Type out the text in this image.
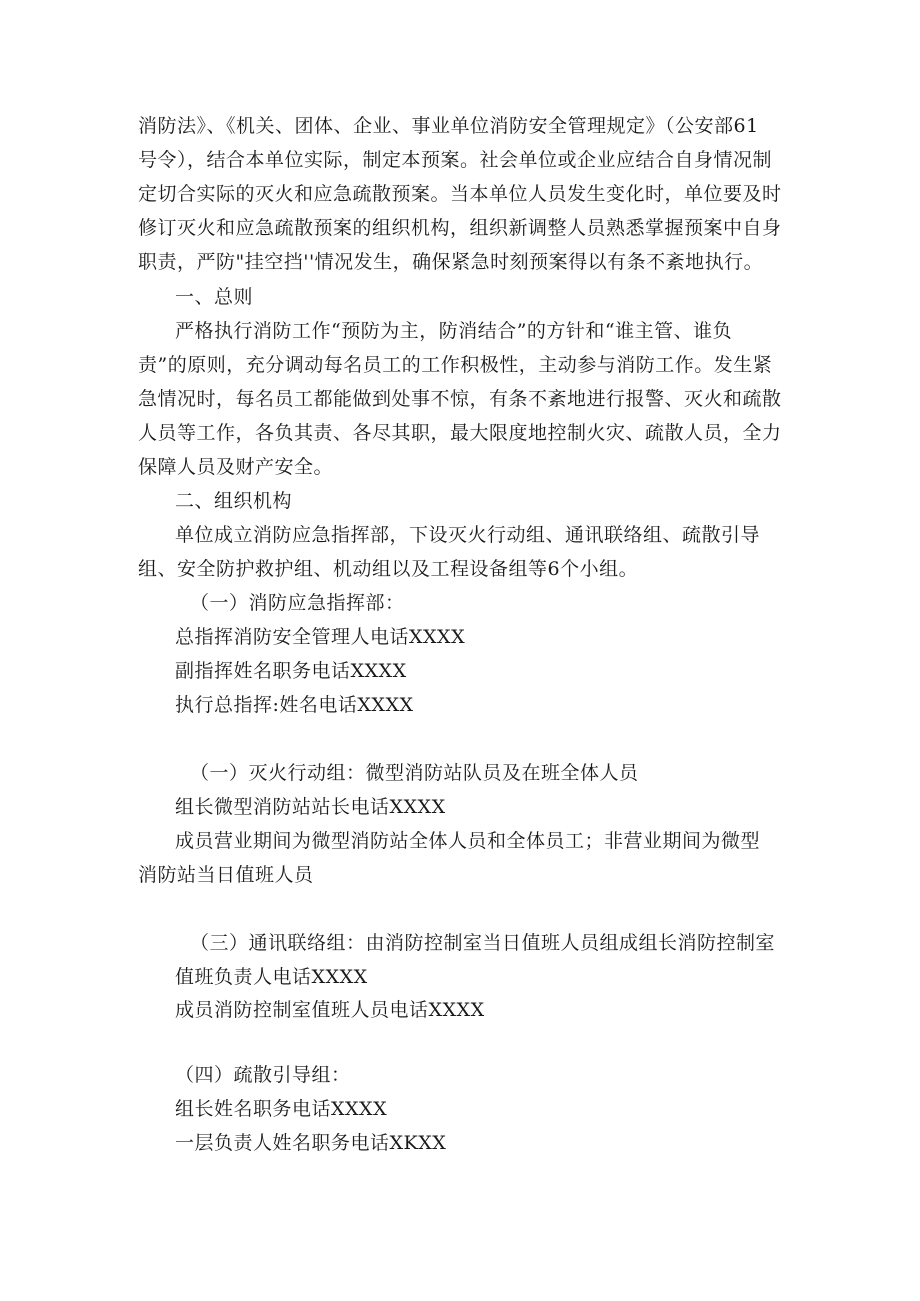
消防法》、《机关、团体、企业、事业单位消防安全管理规定》（公安部61
号令），结合本单位实际，制定本预案。社会单位或企业应结合自身情况制
定切合实际的灭火和应急疏散预案。当本单位人员发生变化时，单位要及时
修订灭火和应急疏散预案的组织机构，组织新调整人员熟悉掌握预案中自身
职责，严防"挂空挡''情况发生，确保紧急时刻预案得以有条不紊地执行。
一、总则
严格执行消防工作“预防为主，防消结合”的方针和“谁主管、谁负
责”的原则，充分调动每名员工的工作积极性，主动参与消防工作。发生紧
急情况时，每名员工都能做到处事不惊，有条不紊地进行报警、灭火和疏散
人员等工作，各负其责、各尽其职，最大限度地控制火灾、疏散人员，全力
保障人员及财产安全。
二、组织机构
单位成立消防应急指挥部，下设灭火行动组、通讯联络组、疏散引导
组、安全防护救护组、机动组以及工程设备组等6个小组。
（一）消防应急指挥部：
总指挥消防安全管理人电话XXXX
副指挥姓名职务电话XXXX
执行总指挥:姓名电话XXXX
（一）灭火行动组：微型消防站队员及在班全体人员
组长微型消防站站长电话XXXX
成员营业期间为微型消防站全体人员和全体员工；非营业期间为微型
消防站当日值班人员
（三）通讯联络组：由消防控制室当日值班人员组成组长消防控制室
值班负责人电话XXXX
成员消防控制室值班人员电话XXXX
（四）疏散引导组：
组长姓名职务电话XXXX
一层负责人姓名职务电话XKXX
